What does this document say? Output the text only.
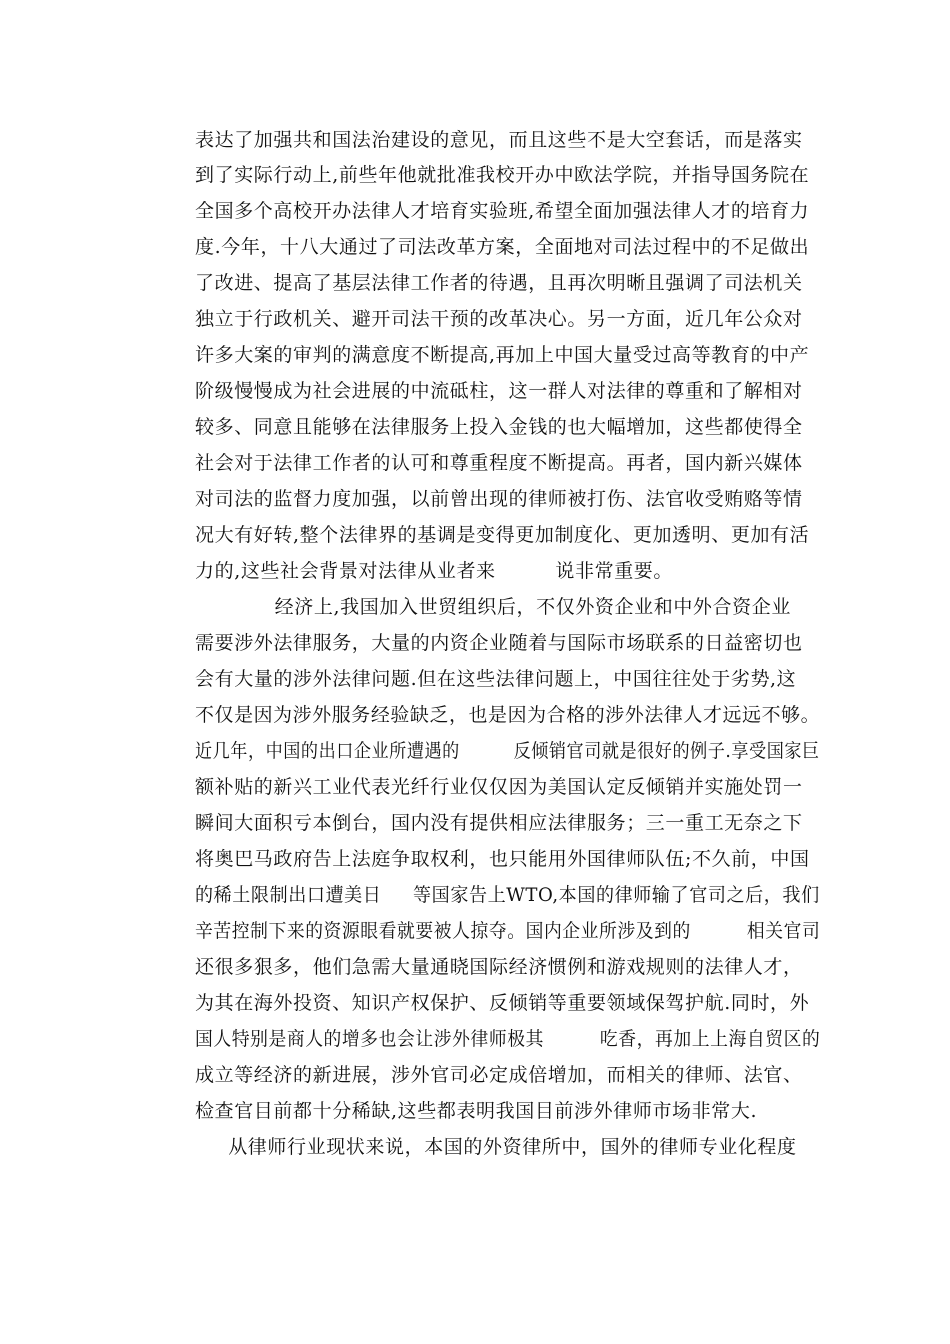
表达了加强共和国法治建设的意见，而且这些不是大空套话，而是落实
到了实际行动上,前些年他就批准我校开办中欧法学院，并指导国务院在
全国多个高校开办法律人才培育实验班,希望全面加强法律人才的培育力
度.今年，十八大通过了司法改革方案，全面地对司法过程中的不足做出
了改进、提高了基层法律工作者的待遇，且再次明晰且强调了司法机关
独立于行政机关、避开司法干预的改革决心。另一方面，近几年公众对
许多大案的审判的满意度不断提高,再加上中国大量受过高等教育的中产
阶级慢慢成为社会进展的中流砥柱，这一群人对法律的尊重和了解相对
较多、同意且能够在法律服务上投入金钱的也大幅增加，这些都使得全
社会对于法律工作者的认可和尊重程度不断提高。再者，国内新兴媒体
对司法的监督力度加强，以前曾出现的律师被打伤、法官收受贿赂等情
况大有好转,整个法律界的基调是变得更加制度化、更加透明、更加有活
力的,这些社会背景对法律从业者来         说非常重要。
经济上,我国加入世贸组织后，不仅外资企业和中外合资企业
需要涉外法律服务，大量的内资企业随着与国际市场联系的日益密切也
会有大量的涉外法律问题.但在这些法律问题上，中国往往处于劣势,这
不仅是因为涉外服务经验缺乏，也是因为合格的涉外法律人才远远不够。
近几年，中国的出口企业所遭遇的         反倾销官司就是很好的例子.享受国家巨
额补贴的新兴工业代表光纤行业仅仅因为美国认定反倾销并实施处罚一
瞬间大面积亏本倒台，国内没有提供相应法律服务；三一重工无奈之下
将奥巴马政府告上法庭争取权利，也只能用外国律师队伍;不久前，中国
的稀土限制出口遭美日     等国家告上WTO,本国的律师输了官司之后，我们
辛苦控制下来的资源眼看就要被人掠夺。国内企业所涉及到的         相关官司
还很多狠多，他们急需大量通晓国际经济惯例和游戏规则的法律人才，
为其在海外投资、知识产权保护、反倾销等重要领域保驾护航.同时，外
国人特别是商人的增多也会让涉外律师极其         吃香，再加上上海自贸区的
成立等经济的新进展，涉外官司必定成倍增加，而相关的律师、法官、
检查官目前都十分稀缺,这些都表明我国目前涉外律师市场非常大.
从律师行业现状来说，本国的外资律所中，国外的律师专业化程度
